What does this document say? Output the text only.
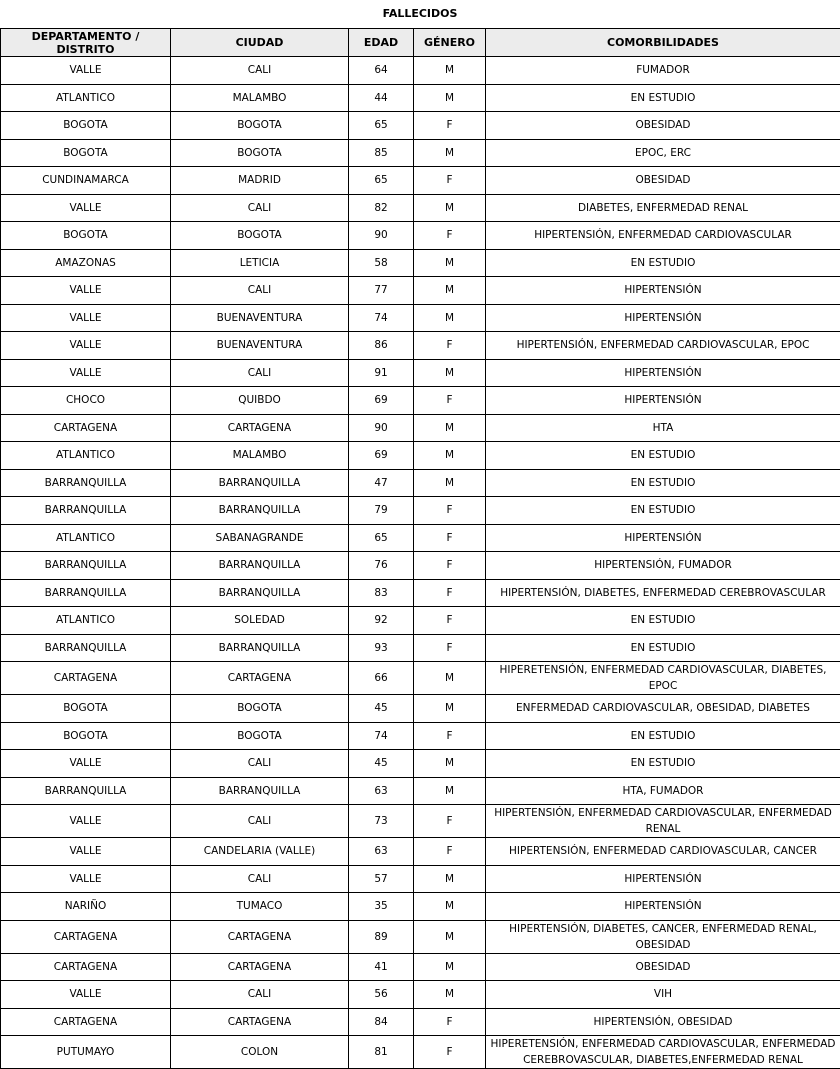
FALLECIDOS
DEPARTAMENTO / DISTRITO	CIUDAD	EDAD	GÉNERO	COMORBILIDADES
VALLE	CALI	64	M	FUMADOR
ATLANTICO	MALAMBO	44	M	EN ESTUDIO
BOGOTA	BOGOTA	65	F	OBESIDAD
BOGOTA	BOGOTA	85	M	EPOC, ERC
CUNDINAMARCA	MADRID	65	F	OBESIDAD
VALLE	CALI	82	M	DIABETES, ENFERMEDAD RENAL
BOGOTA	BOGOTA	90	F	HIPERTENSIÓN, ENFERMEDAD CARDIOVASCULAR
AMAZONAS	LETICIA	58	M	EN ESTUDIO
VALLE	CALI	77	M	HIPERTENSIÓN
VALLE	BUENAVENTURA	74	M	HIPERTENSIÓN
VALLE	BUENAVENTURA	86	F	HIPERTENSIÓN, ENFERMEDAD CARDIOVASCULAR, EPOC
VALLE	CALI	91	M	HIPERTENSIÓN
CHOCO	QUIBDO	69	F	HIPERTENSIÓN
CARTAGENA	CARTAGENA	90	M	HTA
ATLANTICO	MALAMBO	69	M	EN ESTUDIO
BARRANQUILLA	BARRANQUILLA	47	M	EN ESTUDIO
BARRANQUILLA	BARRANQUILLA	79	F	EN ESTUDIO
ATLANTICO	SABANAGRANDE	65	F	HIPERTENSIÓN
BARRANQUILLA	BARRANQUILLA	76	F	HIPERTENSIÓN, FUMADOR
BARRANQUILLA	BARRANQUILLA	83	F	HIPERTENSIÓN, DIABETES, ENFERMEDAD CEREBROVASCULAR
ATLANTICO	SOLEDAD	92	F	EN ESTUDIO
BARRANQUILLA	BARRANQUILLA	93	F	EN ESTUDIO
CARTAGENA	CARTAGENA	66	M	HIPERETENSIÓN, ENFERMEDAD CARDIOVASCULAR, DIABETES, EPOC
BOGOTA	BOGOTA	45	M	ENFERMEDAD CARDIOVASCULAR, OBESIDAD, DIABETES
BOGOTA	BOGOTA	74	F	EN ESTUDIO
VALLE	CALI	45	M	EN ESTUDIO
BARRANQUILLA	BARRANQUILLA	63	M	HTA, FUMADOR
VALLE	CALI	73	F	HIPERTENSIÓN, ENFERMEDAD CARDIOVASCULAR, ENFERMEDAD RENAL
VALLE	CANDELARIA (VALLE)	63	F	HIPERTENSIÓN, ENFERMEDAD CARDIOVASCULAR, CANCER
VALLE	CALI	57	M	HIPERTENSIÓN
NARIÑO	TUMACO	35	M	HIPERTENSIÓN
CARTAGENA	CARTAGENA	89	M	HIPERTENSIÓN, DIABETES, CANCER, ENFERMEDAD RENAL, OBESIDAD
CARTAGENA	CARTAGENA	41	M	OBESIDAD
VALLE	CALI	56	M	VIH
CARTAGENA	CARTAGENA	84	F	HIPERTENSIÓN, OBESIDAD
PUTUMAYO	COLON	81	F	HIPERETENSIÓN, ENFERMEDAD CARDIOVASCULAR, ENFERMEDAD CEREBROVASCULAR, DIABETES,ENFERMEDAD RENAL
